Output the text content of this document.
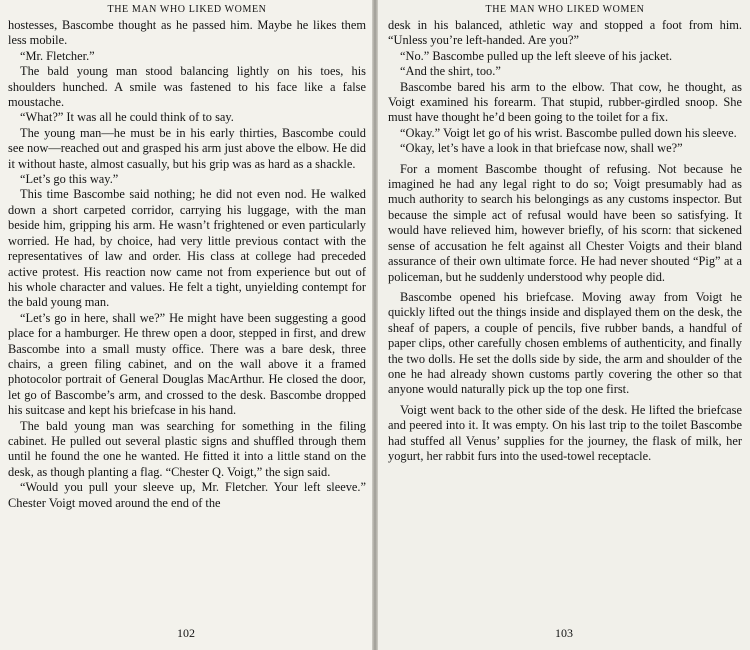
THE MAN WHO LIKED WOMEN

hostesses, Bascombe thought as he passed him. Maybe he likes them less mobile.

“Mr. Fletcher.”

The bald young man stood balancing lightly on his toes, his shoulders hunched. A smile was fastened to his face like a false moustache.

“What?” It was all he could think of to say.

The young man—he must be in his early thirties, Bascombe could see now—reached out and grasped his arm just above the elbow. He did it without haste, almost casually, but his grip was as hard as a shackle.

“Let’s go this way.”

This time Bascombe said nothing; he did not even nod. He walked down a short carpeted corridor, carrying his luggage, with the man beside him, gripping his arm. He wasn’t frightened or even particularly worried. He had, by choice, had very little previous contact with the representatives of law and order. His class at college had preceded active protest. His reaction now came not from experience but out of his whole character and values. He felt a tight, unyielding contempt for the bald young man.

“Let’s go in here, shall we?” He might have been suggesting a good place for a hamburger. He threw open a door, stepped in first, and drew Bascombe into a small musty office. There was a bare desk, three chairs, a green filing cabinet, and on the wall above it a framed photocolor portrait of General Douglas MacArthur. He closed the door, let go of Bascombe’s arm, and crossed to the desk. Bascombe dropped his suitcase and kept his briefcase in his hand.

The bald young man was searching for something in the filing cabinet. He pulled out several plastic signs and shuffled through them until he found the one he wanted. He fitted it into a little stand on the desk, as though planting a flag. “Chester Q. Voigt,” the sign said.

“Would you pull your sleeve up, Mr. Fletcher. Your left sleeve.” Chester Voigt moved around the end of the

102
THE MAN WHO LIKED WOMEN

desk in his balanced, athletic way and stopped a foot from him. “Unless you’re left-handed. Are you?”

“No.” Bascombe pulled up the left sleeve of his jacket.

“And the shirt, too.”

Bascombe bared his arm to the elbow. That cow, he thought, as Voigt examined his forearm. That stupid, rubber-girdled snoop. She must have thought he’d been going to the toilet for a fix.

“Okay.” Voigt let go of his wrist. Bascombe pulled down his sleeve.

“Okay, let’s have a look in that briefcase now, shall we?”

For a moment Bascombe thought of refusing. Not because he imagined he had any legal right to do so; Voigt presumably had as much authority to search his belongings as any customs inspector. But because the simple act of refusal would have been so satisfying. It would have relieved him, however briefly, of his scorn: that sickened sense of accusation he felt against all Chester Voigts and their bland assurance of their own ultimate force. He had never shouted “Pig” at a policeman, but he suddenly understood why people did.

Bascombe opened his briefcase. Moving away from Voigt he quickly lifted out the things inside and displayed them on the desk, the sheaf of papers, a couple of pencils, five rubber bands, a handful of paper clips, other carefully chosen emblems of authenticity, and finally the two dolls. He set the dolls side by side, the arm and shoulder of the one he had already shown customs partly covering the other so that anyone would naturally pick up the top one first.

Voigt went back to the other side of the desk. He lifted the briefcase and peered into it. It was empty. On his last trip to the toilet Bascombe had stuffed all Venus’ supplies for the journey, the flask of milk, her yogurt, her rabbit furs into the used-towel receptacle.

103
